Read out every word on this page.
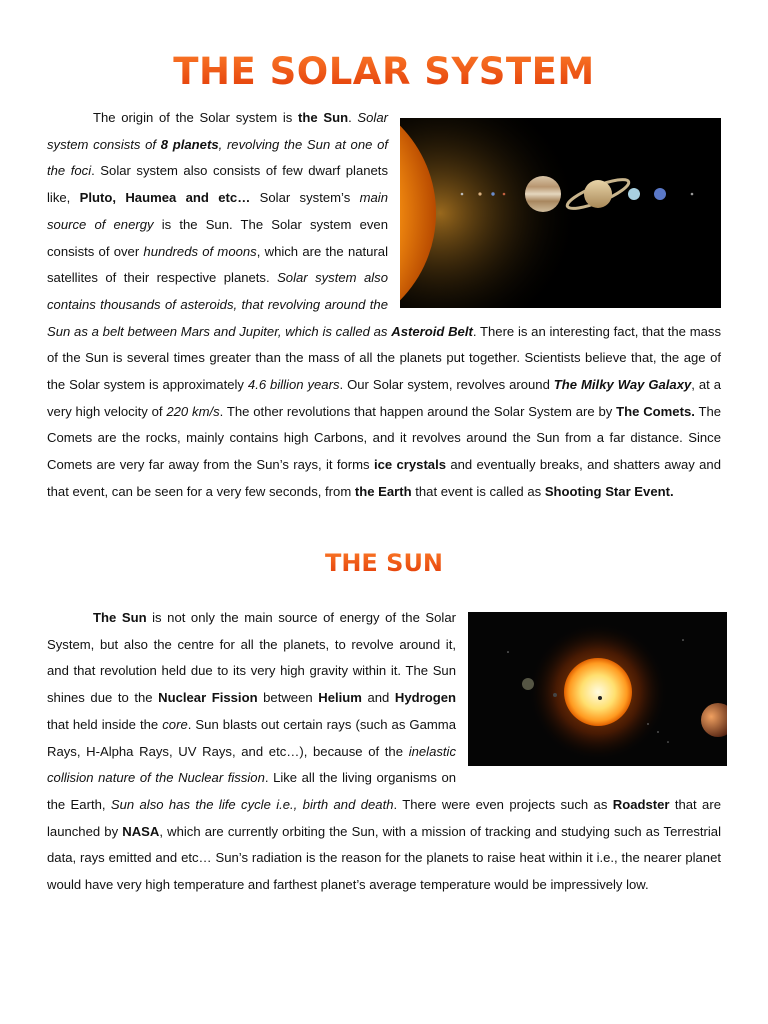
THE SOLAR SYSTEM
The origin of the Solar system is the Sun. Solar system consists of 8 planets, revolving the Sun at one of the foci. Solar system also consists of few dwarf planets like, Pluto, Haumea and etc… Solar system’s main source of energy is the Sun. The Solar system even consists of over hundreds of moons, which are the natural satellites of their respective planets. Solar system also contains thousands of asteroids, that revolving around the Sun as a belt between Mars and Jupiter, which is called as Asteroid Belt. There is an interesting fact, that the mass of the Sun is several times greater than the mass of all the planets put together. Scientists believe that, the age of the Solar system is approximately 4.6 billion years. Our Solar system, revolves around The Milky Way Galaxy, at a very high velocity of 220 km/s. The other revolutions that happen around the Solar System are by The Comets. The Comets are the rocks, mainly contains high Carbons, and it revolves around the Sun from a far distance. Since Comets are very far away from the Sun’s rays, it forms ice crystals and eventually breaks, and shatters away and that event, can be seen for a very few seconds, from the Earth that event is called as Shooting Star Event.
THE SUN
The Sun is not only the main source of energy of the Solar System, but also the centre for all the planets, to revolve around it, and that revolution held due to its very high gravity within it. The Sun shines due to the Nuclear Fission between Helium and Hydrogen that held inside the core. Sun blasts out certain rays (such as Gamma Rays, H-Alpha Rays, UV Rays, and etc…), because of the inelastic collision nature of the Nuclear fission. Like all the living organisms on the Earth, Sun also has the life cycle i.e., birth and death. There were even projects such as Roadster that are launched by NASA, which are currently orbiting the Sun, with a mission of tracking and studying such as Terrestrial data, rays emitted and etc… Sun’s radiation is the reason for the planets to raise heat within it i.e., the nearer planet would have very high temperature and farthest planet’s average temperature would be impressively low.
